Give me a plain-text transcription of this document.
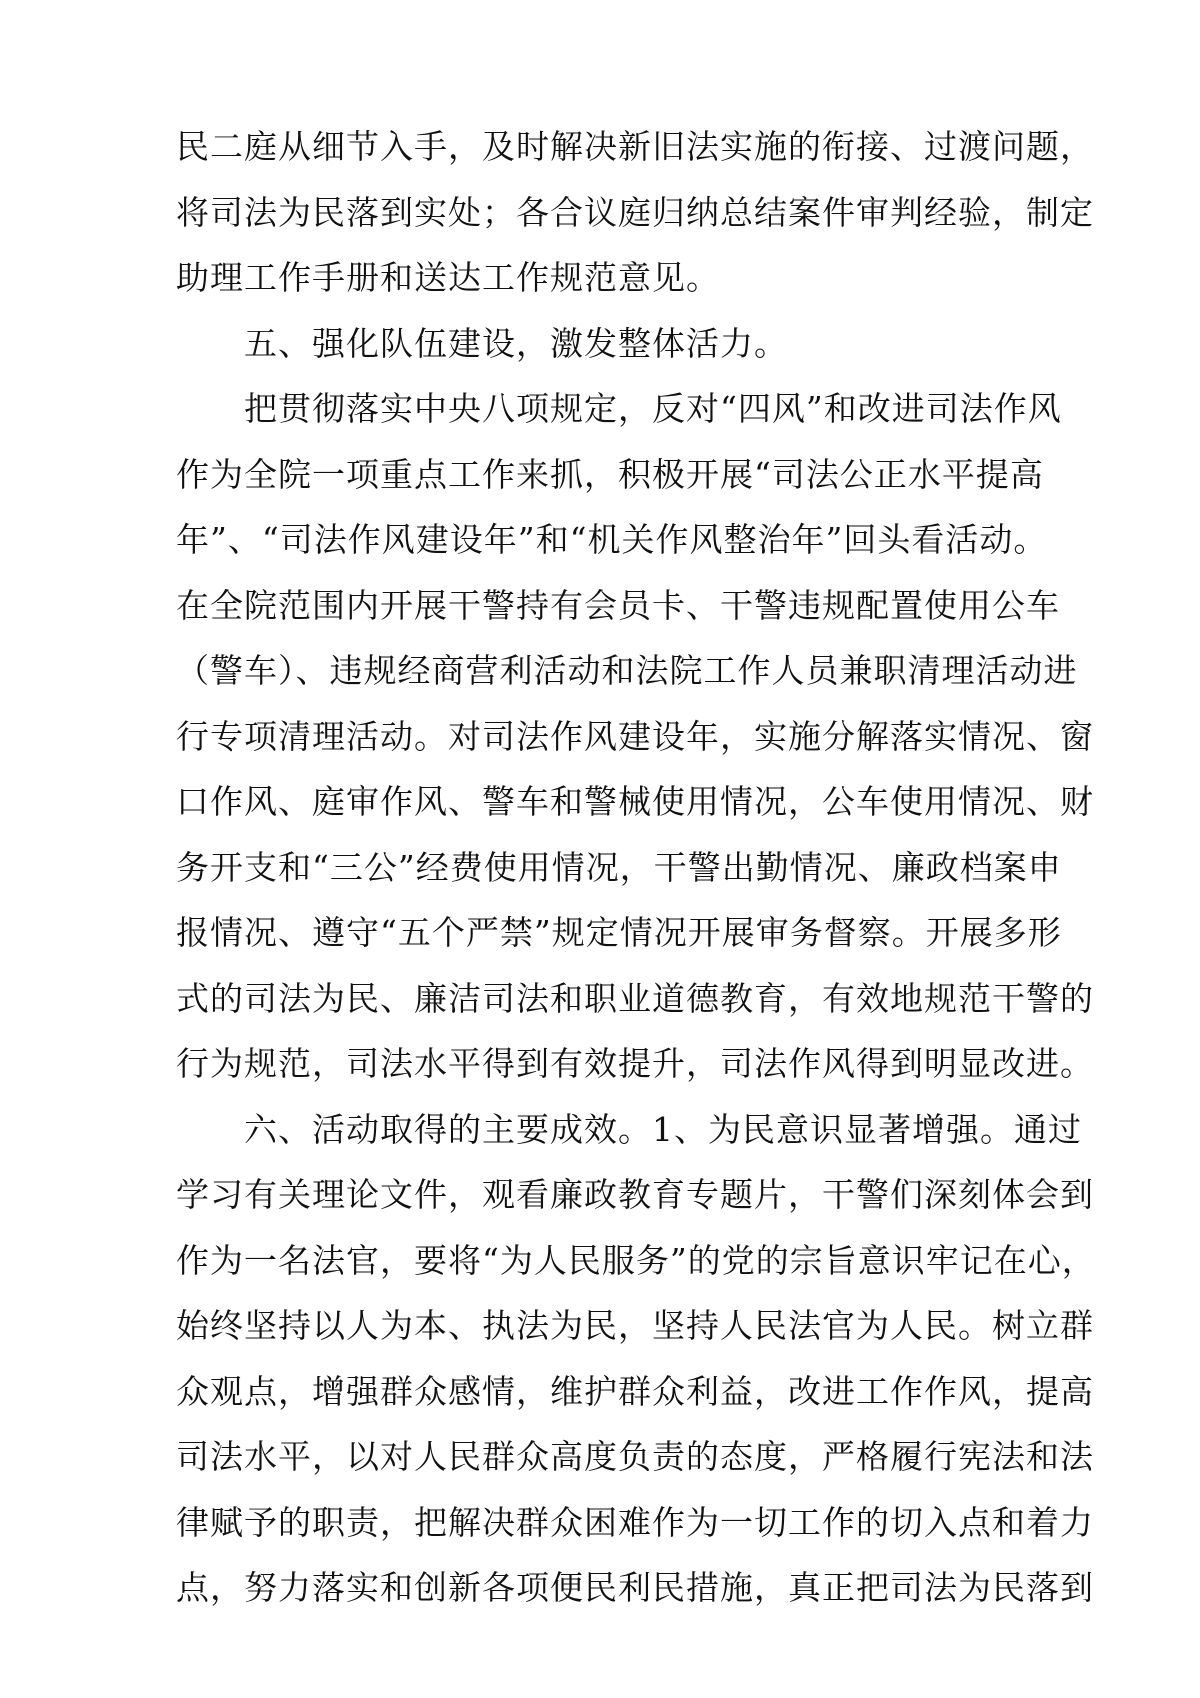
民二庭从细节入手，及时解决新旧法实施的衔接、过渡问题，
将司法为民落到实处；各合议庭归纳总结案件审判经验，制定
助理工作手册和送达工作规范意见。
五、强化队伍建设，激发整体活力。
把贯彻落实中央八项规定，反对“四风”和改进司法作风
作为全院一项重点工作来抓，积极开展“司法公正水平提高
年”、“司法作风建设年”和“机关作风整治年”回头看活动。
在全院范围内开展干警持有会员卡、干警违规配置使用公车
（警车）、违规经商营利活动和法院工作人员兼职清理活动进
行专项清理活动。对司法作风建设年，实施分解落实情况、窗
口作风、庭审作风、警车和警械使用情况，公车使用情况、财
务开支和“三公”经费使用情况，干警出勤情况、廉政档案申
报情况、遵守“五个严禁”规定情况开展审务督察。开展多形
式的司法为民、廉洁司法和职业道德教育，有效地规范干警的
行为规范，司法水平得到有效提升，司法作风得到明显改进。
六、活动取得的主要成效。1、为民意识显著增强。通过
学习有关理论文件，观看廉政教育专题片，干警们深刻体会到
作为一名法官，要将“为人民服务”的党的宗旨意识牢记在心，
始终坚持以人为本、执法为民，坚持人民法官为人民。树立群
众观点，增强群众感情，维护群众利益，改进工作作风，提高
司法水平，以对人民群众高度负责的态度，严格履行宪法和法
律赋予的职责，把解决群众困难作为一切工作的切入点和着力
点，努力落实和创新各项便民利民措施，真正把司法为民落到
